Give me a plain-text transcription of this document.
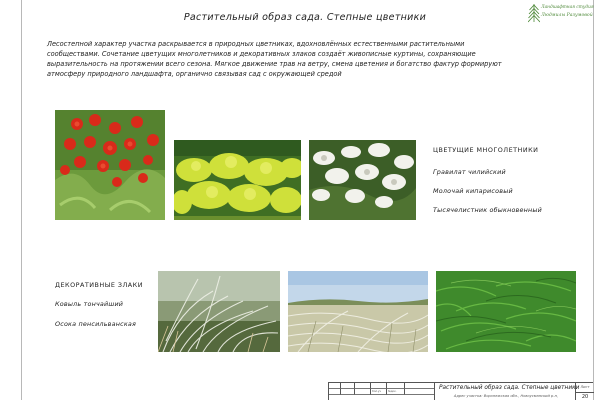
Растительный образ сада. Степные цветники
Ландшафтная студия
Людмилы Разумовой
Лесостепной характер участка раскрывается в природных цветниках, вдохновлённых естественными растительными сообществами. Сочетание цветущих многолетников и декоративных злаков создаёт живописные куртины, сохраняющие выразительность на протяжении всего сезона. Мягкое движение трав на ветру, смена цветения и богатство фактур формируют атмосферу природного ландшафта, органично связывая сад с окружающей средой
ЦВЕТУЩИЕ МНОГОЛЕТНИКИ
Гравилат чилийский
Молочай кипарисовый
Тысячелистник обыкновенный
ДЕКОРАТИВНЫЕ ЗЛАКИ
Ковыль тончайший
Осока пенсильванская
Кол.уч	№док.	Растительный образ сада. Степные цветники
Адрес участка: Воронежская обл., Новоусманский р-н,
Лист
20
